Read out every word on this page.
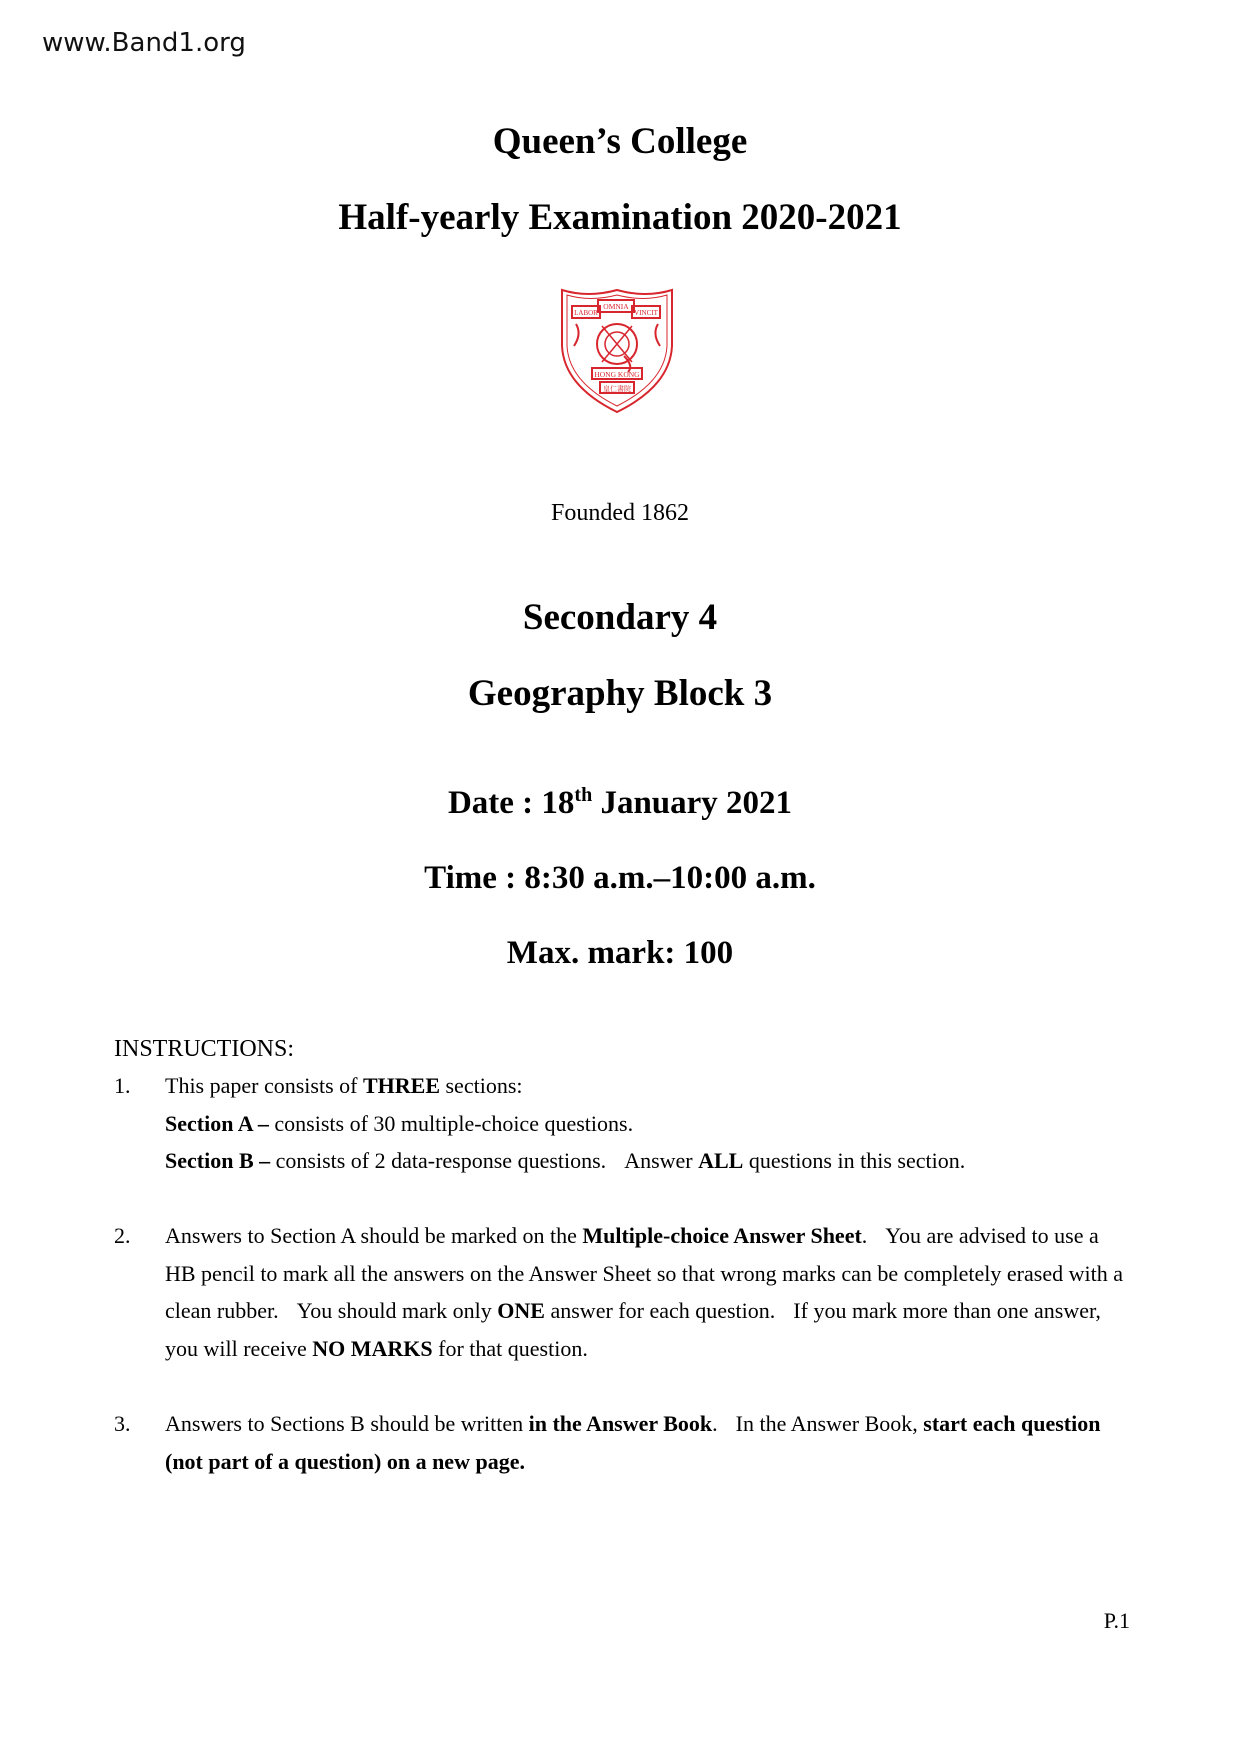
www.Band1.org
Queen’s College
Half-yearly Examination 2020-2021
LABOR
OMNIA
VINCIT
HONG KONG
皇仁書院
Founded 1862
Secondary 4
Geography Block 3
Date : 18th January 2021
Time : 8:30 a.m.–10:00 a.m.
Max. mark: 100
INSTRUCTIONS:
1. This paper consists of THREE sections:
Section A – consists of 30 multiple-choice questions.
Section B – consists of 2 data-response questions. Answer ALL questions in this section.
2. Answers to Section A should be marked on the Multiple-choice Answer Sheet. You are advised to use a HB pencil to mark all the answers on the Answer Sheet so that wrong marks can be completely erased with a clean rubber. You should mark only ONE answer for each question. If you mark more than one answer, you will receive NO MARKS for that question.
3. Answers to Sections B should be written in the Answer Book. In the Answer Book, start each question (not part of a question) on a new page.
P.1
